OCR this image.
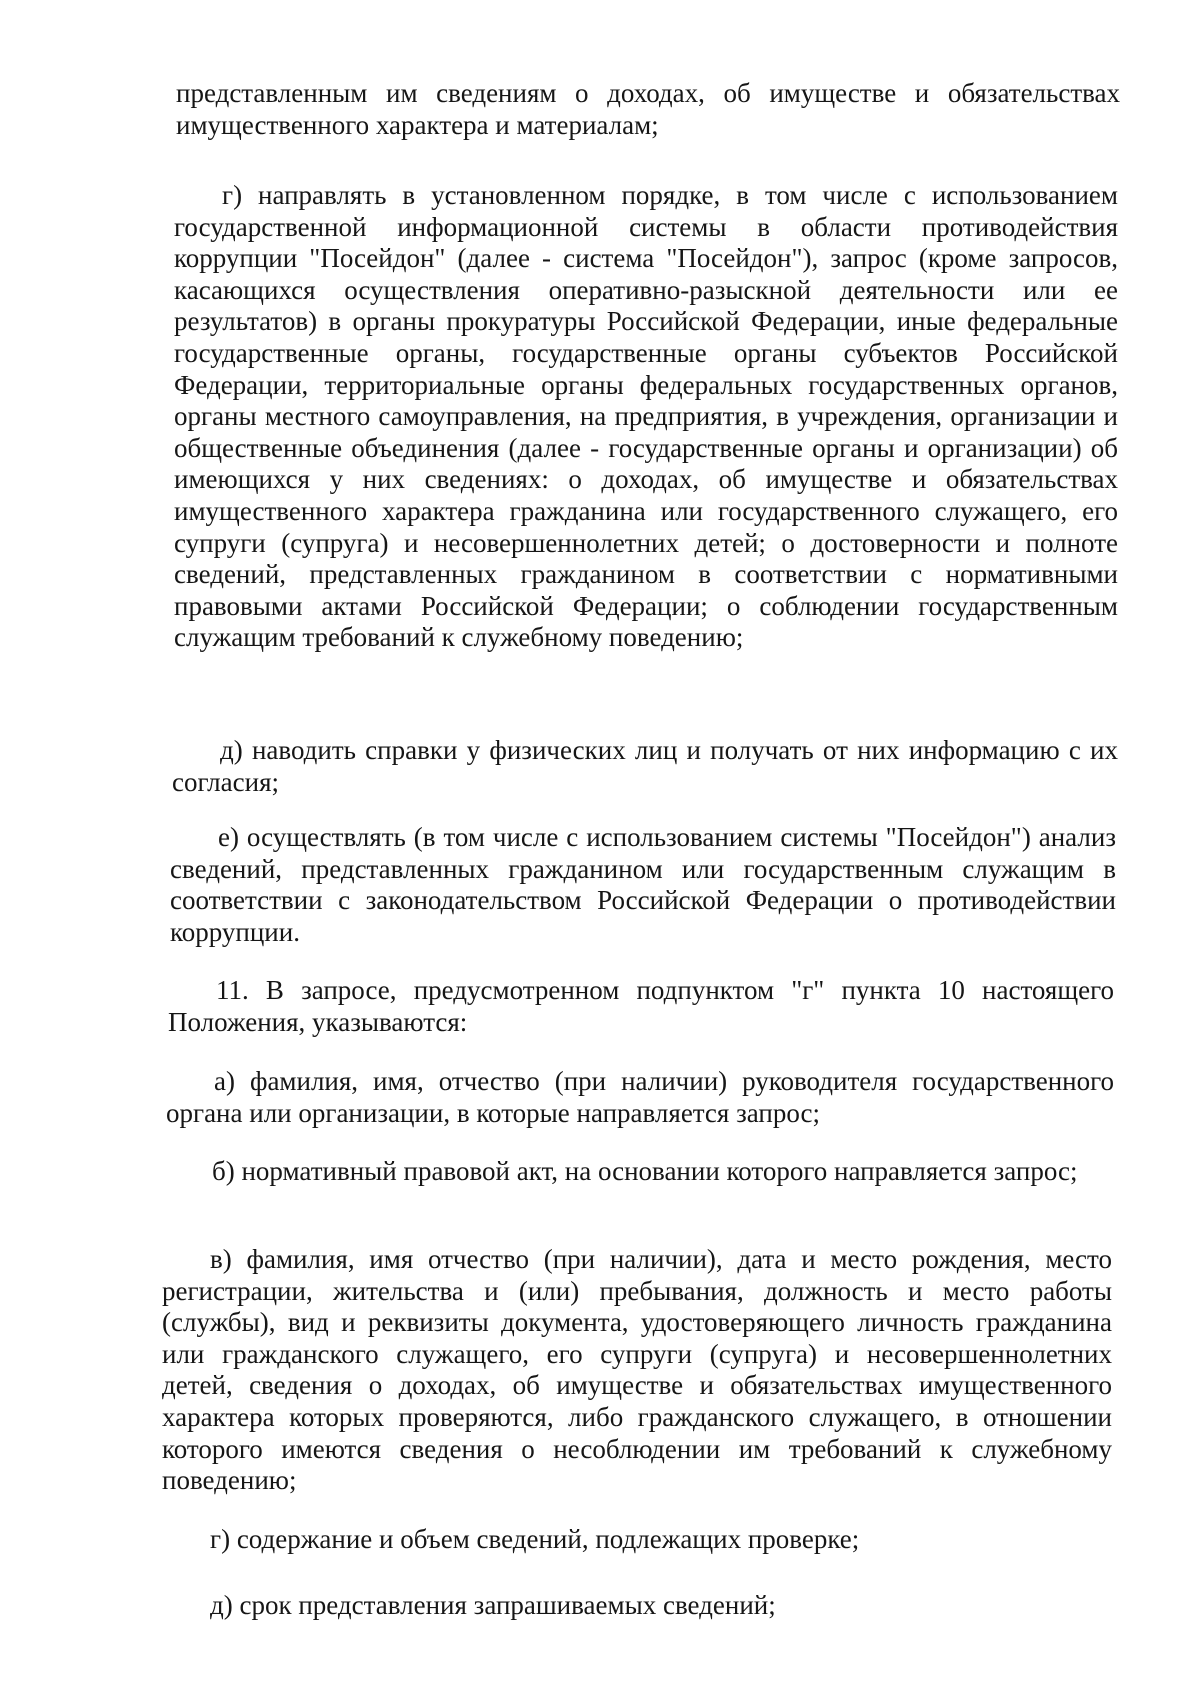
представленным им сведениям о доходах, об имуществе и обязательствах имущественного характера и материалам;

г) направлять в установленном порядке, в том числе с использованием государственной информационной системы в области противодействия коррупции "Посейдон" (далее - система "Посейдон"), запрос (кроме запросов, касающихся осуществления оперативно-разыскной деятельности или ее результатов) в органы прокуратуры Российской Федерации, иные федеральные государственные органы, государственные органы субъектов Российской Федерации, территориальные органы федеральных государственных органов, органы местного самоуправления, на предприятия, в учреждения, организации и общественные объединения (далее - государственные органы и организации) об имеющихся у них сведениях: о доходах, об имуществе и обязательствах имущественного характера гражданина или государственного служащего, его супруги (супруга) и несовершеннолетних детей; о достоверности и полноте сведений, представленных гражданином в соответствии с нормативными правовыми актами Российской Федерации; о соблюдении государственным служащим требований к служебному поведению;

д) наводить справки у физических лиц и получать от них информацию с их согласия;

е) осуществлять (в том числе с использованием системы "Посейдон") анализ сведений, представленных гражданином или государственным служащим в соответствии с законодательством Российской Федерации о противодействии коррупции.

11. В запросе, предусмотренном подпунктом "г" пункта 10 настоящего Положения, указываются:

а) фамилия, имя, отчество (при наличии) руководителя государственного органа или организации, в которые направляется запрос;

б) нормативный правовой акт, на основании которого направляется запрос;

в) фамилия, имя отчество (при наличии), дата и место рождения, место регистрации, жительства и (или) пребывания, должность и место работы (службы), вид и реквизиты документа, удостоверяющего личность гражданина или гражданского служащего, его супруги (супруга) и несовершеннолетних детей, сведения о доходах, об имуществе и обязательствах имущественного характера которых проверяются, либо гражданского служащего, в отношении которого имеются сведения о несоблюдении им требований к служебному поведению;

г) содержание и объем сведений, подлежащих проверке;

д) срок представления запрашиваемых сведений;
